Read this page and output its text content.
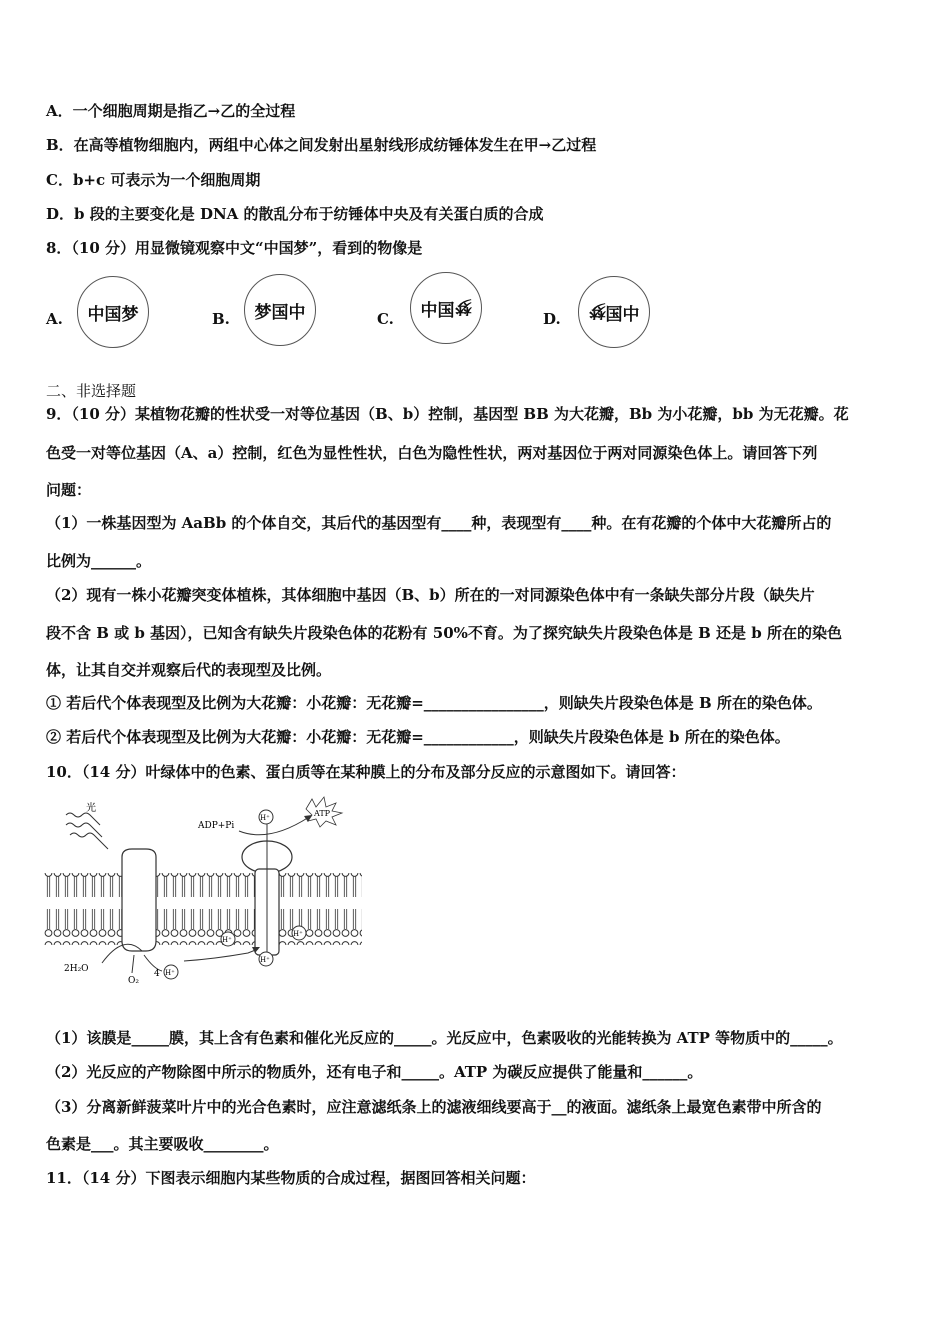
A．一个细胞周期是指乙→乙的全过程
B．在高等植物细胞内，两组中心体之间发射出星射线形成纺锤体发生在甲→乙过程
C．b+c 可表示为一个细胞周期
D．b 段的主要变化是 DNA 的散乱分布于纺锤体中央及有关蛋白质的合成
8．（10 分）用显微镜观察中文“中国梦”，看到的物像是
A. 中国梦	B. 梦国中	C. 中国 梦
D. 梦 国中
二、非选择题
9．（10 分）某植物花瓣的性状受一对等位基因（B、b）控制，基因型 BB 为大花瓣，Bb 为小花瓣，bb 为无花瓣。花
色受一对等位基因（A、a）控制，红色为显性性状，白色为隐性性状，两对基因位于两对同源染色体上。请回答下列
问题：
（1）一株基因型为 AaBb 的个体自交，其后代的基因型有____种，表现型有____种。在有花瓣的个体中大花瓣所占的
比例为______。
（2）现有一株小花瓣突变体植株，其体细胞中基因（B、b）所在的一对同源染色体中有一条缺失部分片段（缺失片
段不含 B 或 b 基因），已知含有缺失片段染色体的花粉有 50%不育。为了探究缺失片段染色体是 B 还是 b 所在的染色
体，让其自交并观察后代的表现型及比例。
① 若后代个体表现型及比例为大花瓣：小花瓣：无花瓣=________________，则缺失片段染色体是 B 所在的染色体。
② 若后代个体表现型及比例为大花瓣：小花瓣：无花瓣=____________，则缺失片段染色体是 b 所在的染色体。
10．（14 分）叶绿体中的色素、蛋白质等在某种膜上的分布及部分反应的示意图如下。请回答：
光
ADP+Pi
H⁺	ATP
H⁺
H⁺
H⁺
H⁺
2H₂O
O₂
4
（1）该膜是_____膜，其上含有色素和催化光反应的_____。光反应中，色素吸收的光能转换为 ATP 等物质中的_____。
（2）光反应的产物除图中所示的物质外，还有电子和_____。ATP 为碳反应提供了能量和______。
（3）分离新鲜菠菜叶片中的光合色素时，应注意滤纸条上的滤液细线要高于__的液面。滤纸条上最宽色素带中所含的
色素是___。其主要吸收________。
11．（14 分）下图表示细胞内某些物质的合成过程，据图回答相关问题：
